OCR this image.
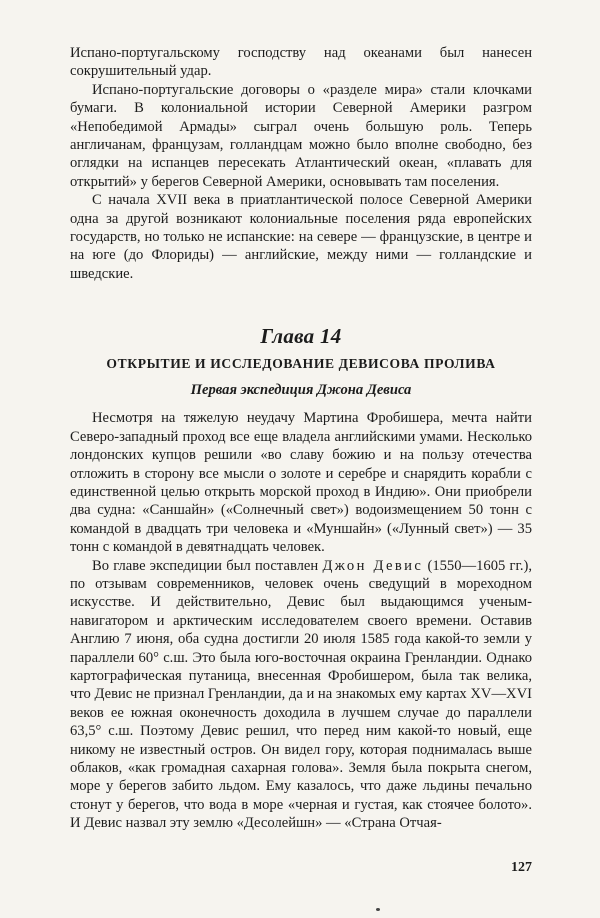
Испано-португальскому господству над океанами был нанесен сокрушительный удар.

Испано-португальские договоры о «разделе мира» стали клочками бумаги. В колониальной истории Северной Америки разгром «Непобедимой Армады» сыграл очень большую роль. Теперь англичанам, французам, голландцам можно было вполне свободно, без оглядки на испанцев пересекать Атлантический океан, «плавать для открытий» у берегов Северной Америки, основывать там поселения.

С начала XVII века в приатлантической полосе Северной Америки одна за другой возникают колониальные поселения ряда европейских государств, но только не испанские: на севере — французские, в центре и на юге (до Флориды) — английские, между ними — голландские и шведские.

Глава 14
ОТКРЫТИЕ И ИССЛЕДОВАНИЕ ДЕВИСОВА ПРОЛИВА
Первая экспедиция Джона Девиса

Несмотря на тяжелую неудачу Мартина Фробишера, мечта найти Северо-западный проход все еще владела английскими умами. Несколько лондонских купцов решили «во славу божию и на пользу отечества отложить в сторону все мысли о золоте и серебре и снарядить корабли с единственной целью открыть морской проход в Индию». Они приобрели два судна: «Саншайн» («Солнечный свет») водоизмещением 50 тонн с командой в двадцать три человека и «Муншайн» («Лунный свет») — 35 тонн с командой в девятнадцать человек.

Во главе экспедиции был поставлен Джон Девис (1550—1605 гг.), по отзывам современников, человек очень сведущий в мореходном искусстве. И действительно, Девис был выдающимся ученым-навигатором и арктическим исследователем своего времени. Оставив Англию 7 июня, оба судна достигли 20 июля 1585 года какой-то земли у параллели 60° с.ш. Это была юго-восточная окраина Гренландии. Однако картографическая путаница, внесенная Фробишером, была так велика, что Девис не признал Гренландии, да и на знакомых ему картах XV—XVI веков ее южная оконечность доходила в лучшем случае до параллели 63,5° с.ш. Поэтому Девис решил, что перед ним какой-то новый, еще никому не известный остров. Он видел гору, которая поднималась выше облаков, «как громадная сахарная голова». Земля была покрыта снегом, море у берегов забито льдом. Ему казалось, что даже льдины печально стонут у берегов, что вода в море «черная и густая, как стоячее болото». И Девис назвал эту землю «Десолейшн» — «Страна Отчая-

127
